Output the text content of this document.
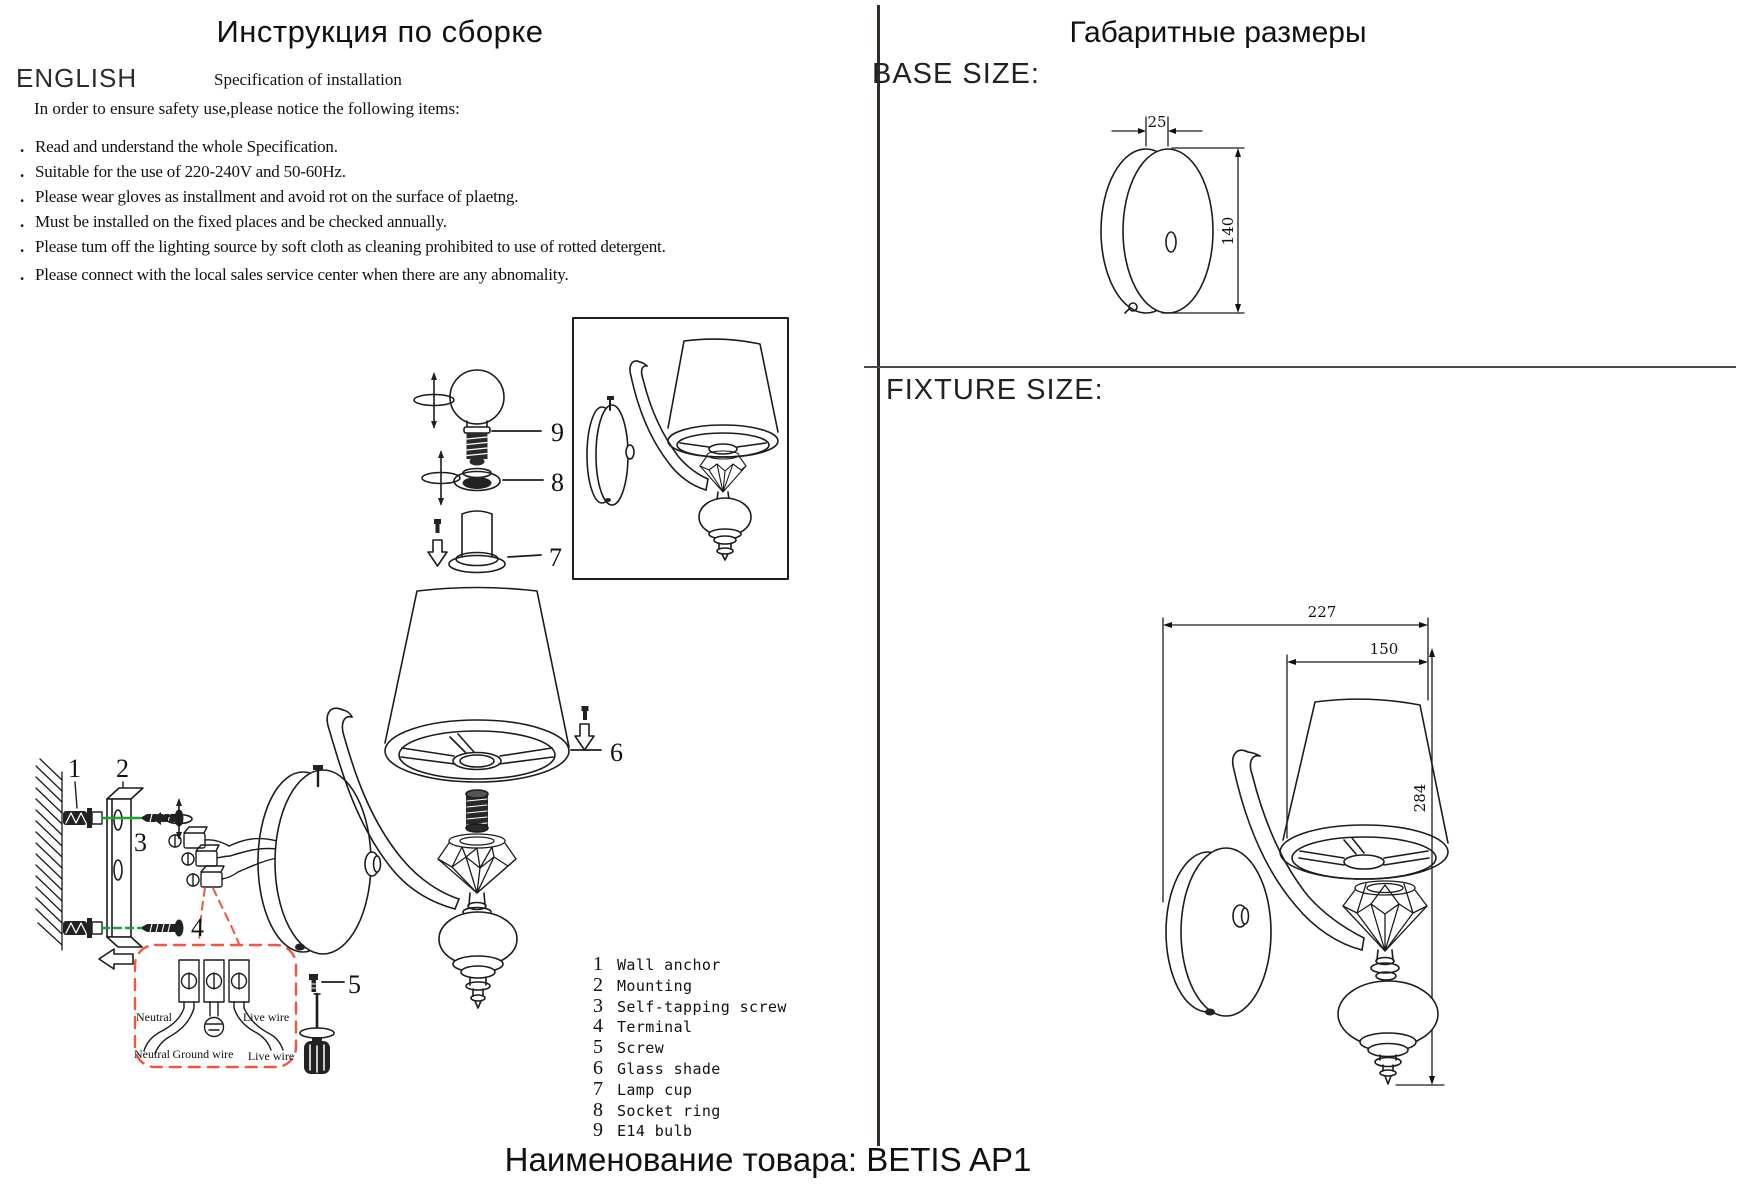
Инструкция по сборке
ENGLISH	Specification of installation
In order to ensure safety use,please notice the following items:
. Read and understand the whole Specification.
. Suitable for the use of 220-240V and 50-60Hz.
. Please wear gloves as installment and avoid rot on the surface of plaetng.
. Must be installed on the fixed places and be checked annually.
. Please tum off the lighting source by soft cloth as cleaning prohibited to use of rotted detergent.
. Please connect with the local sales service center when there are any abnomality.
Neutral
Neutral Ground wire
Live wire
Live wire
9
8
7
6
1 2
3
4
5
1 Wall anchor
2 Mounting
3 Self-tapping screw
4 Terminal
5 Screw
6 Glass shade
7 Lamp cup
8 Socket ring
9 E14 bulb
Габаритные размеры
BASE SIZE:
FIXTURE SIZE:
25
140
227
150
284
Наименование товара: BETIS AP1
